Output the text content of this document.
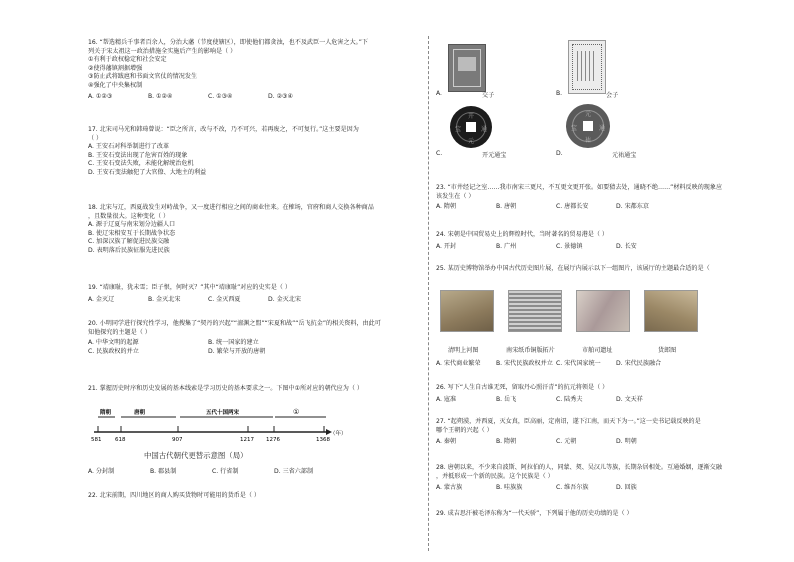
16. “帮选精兵千事者百余人，分治大藩（节度使辖区），即使他们都贪浊，也不及武臣一人危害之大。”下
列关于宋太祖这一政治措施全实施后产生的影响是（ ）
①有利于政权稳定和社会安定
②使得藩镇割据增强
③防止武将跋扈和书面文官仗的情况发生
④强化了中央集权制
A. ①②③	B. ①②④	C. ①③④	D. ②③④
17. 北宋司马光和韩琦曾说：“臣之所言，改与不改，乃不可兴，若再废之，不可复行。”这主要是因为
（ ）
A. 王安石对科举制进行了改革
B. 王安石变法出现了危害百姓的现象
C. 王安石变法失败，未能化解统治危机
D. 王安石变法触犯了大官僚、大地主的利益
18. 北宋与辽，西夏战发生对峙战争，又一度进行相应之间的商业往来。在榷场，官府和商人交换各种商品
，且数量很大。这种变化（ ）
A. 源于辽夏与南宋划分边疆人口
B. 使辽宋相安互于长期战争状态
C. 加深汉族了解促进民族交融
D. 表明落后民族征服先进民族
19. “靖康耻，犹未雪；臣子恨，何时灭？”其中“靖康耻”对应的史实是（ ）
A. 金灭辽	B. 金灭北宋	C. 金灭西夏	D. 金灭北宋
20. 小明同学进行探究性学习，他搜集了“契丹的兴起”“澶渊之盟”“宋夏和战”“岳飞抗金”的相关资料，由此可
知他探究的主题是（ ）
A. 中华文明的起源	B. 统一国家的建立
C. 民族政权的并立	D. 繁荣与开放的唐朝
21. 掌握历史时序和历史发展的基本线索是学习历史的基本要求之一。下图中①所对应的朝代应为（ ）
隋朝	唐朝	五代十国两宋	①
581 618	907	1217 1276	1368
（年）
中国古代朝代更替示意图（局）
A. 分封制	B. 郡县制	C. 行省制	D. 三省六部制
22. 北宋前期，四川地区的商人购买货物时可能用的货币是（ ）
A.	交子	B.	会子
开
元
通
宝
C.	开元通宝
元
祐
通
宝
D.	元祐通宝
23. “市井经记之室……我市南宋三更尺，不互更文更开张。如要猜去处，通晓不绝……”材料反映的现象应
该发生在（ ）
A. 隋朝	B. 唐朝	C. 唐都长安	D. 宋都东京
24. 宋朝是中国贸易史上的辉煌时代，当时著名的贸易港是（ ）
A. 开封	B. 广州	C. 景德镇	D. 长安
25. 某历史博物馆举办中国古代历史图片展，在展厅内展示以下一组图片，该展厅的主题最合适的是（
清明上河图	南宋纸币铜版拓片	市舶司遗址	货郎图
A. 宋代商业繁荣	B. 宋代民族政权并立 C. 宋代国家统一	D. 宋代民族融合
26. 写下“人生自古谁无死，留取丹心照汗青”的抗元将领是（ ）
A. 寇准	B. 岳飞	C. 陆秀夫	D. 文天祥
27. “起朔漠，并西夏，灭女真，臣高丽，定南诏，遂下江南，而天下为一。”这一史书记载反映的是
哪个王朝的兴起（ ）
A. 秦朝	B. 隋朝	C. 元朝	D. 明朝
28. 唐朝以来，不少来自波斯、阿拉伯的人，同蒙、契、吴汉儿等族，长期杂居相处。互通婚姻，逐渐交融
，并抵形成一个新的民族。这个民族是（ ）
A. 蒙古族	B. 哇族族	C. 维吾尔族	D. 回族
29. 成吉思汗被毛泽东称为“一代天骄”，下列属于他的历史功绩的是（ ）
